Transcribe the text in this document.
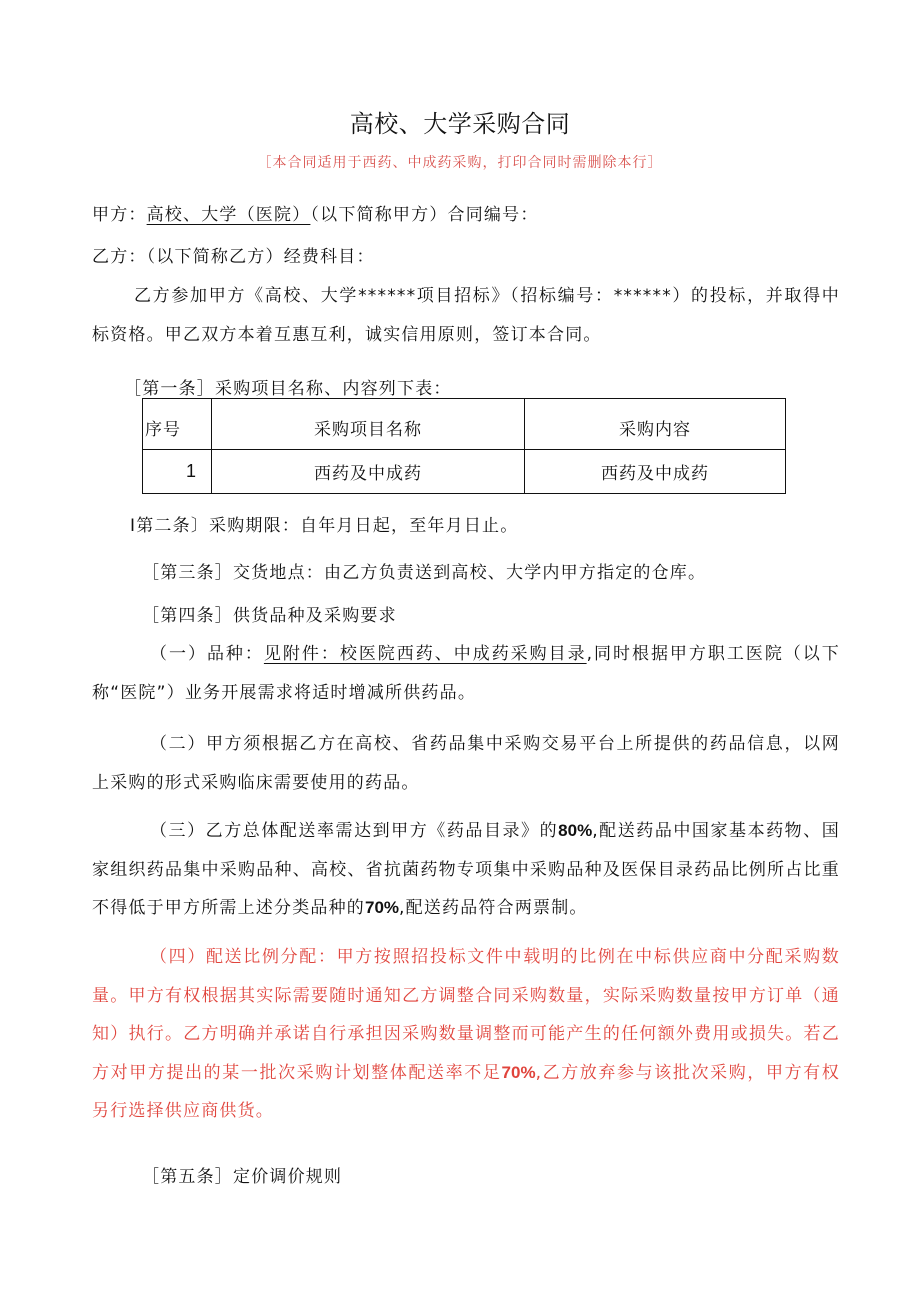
高校、大学采购合同
［本合同适用于西药、中成药采购，打印合同时需删除本行］
甲方：高校、大学（医院）（以下简称甲方）合同编号：
乙方：（以下简称乙方）经费科目：
乙方参加甲方《高校、大学******项目招标》（招标编号：******）的投标，并取得中标资格。甲乙双方本着互惠互利，诚实信用原则，签订本合同。
［第一条］采购项目名称、内容列下表：
序号	采购项目名称	采购内容
1	西药及中成药	西药及中成药
I第二条〕采购期限：自年月日起，至年月日止。
［第三条］交货地点：由乙方负责送到高校、大学内甲方指定的仓库。
［第四条］供货品种及采购要求
（一）品种：见附件：校医院西药、中成药采购目录,同时根据甲方职工医院（以下称“医院”）业务开展需求将适时增减所供药品。
（二）甲方须根据乙方在高校、省药品集中采购交易平台上所提供的药品信息，以网上采购的形式采购临床需要使用的药品。
（三）乙方总体配送率需达到甲方《药品目录》的80%,配送药品中国家基本药物、国家组织药品集中采购品种、高校、省抗菌药物专项集中采购品种及医保目录药品比例所占比重不得低于甲方所需上述分类品种的70%,配送药品符合两票制。
（四）配送比例分配：甲方按照招投标文件中载明的比例在中标供应商中分配采购数量。甲方有权根据其实际需要随时通知乙方调整合同采购数量，实际采购数量按甲方订单（通知）执行。乙方明确并承诺自行承担因采购数量调整而可能产生的任何额外费用或损失。若乙方对甲方提出的某一批次采购计划整体配送率不足70%,乙方放弃参与该批次采购，甲方有权另行选择供应商供货。
［第五条］定价调价规则
